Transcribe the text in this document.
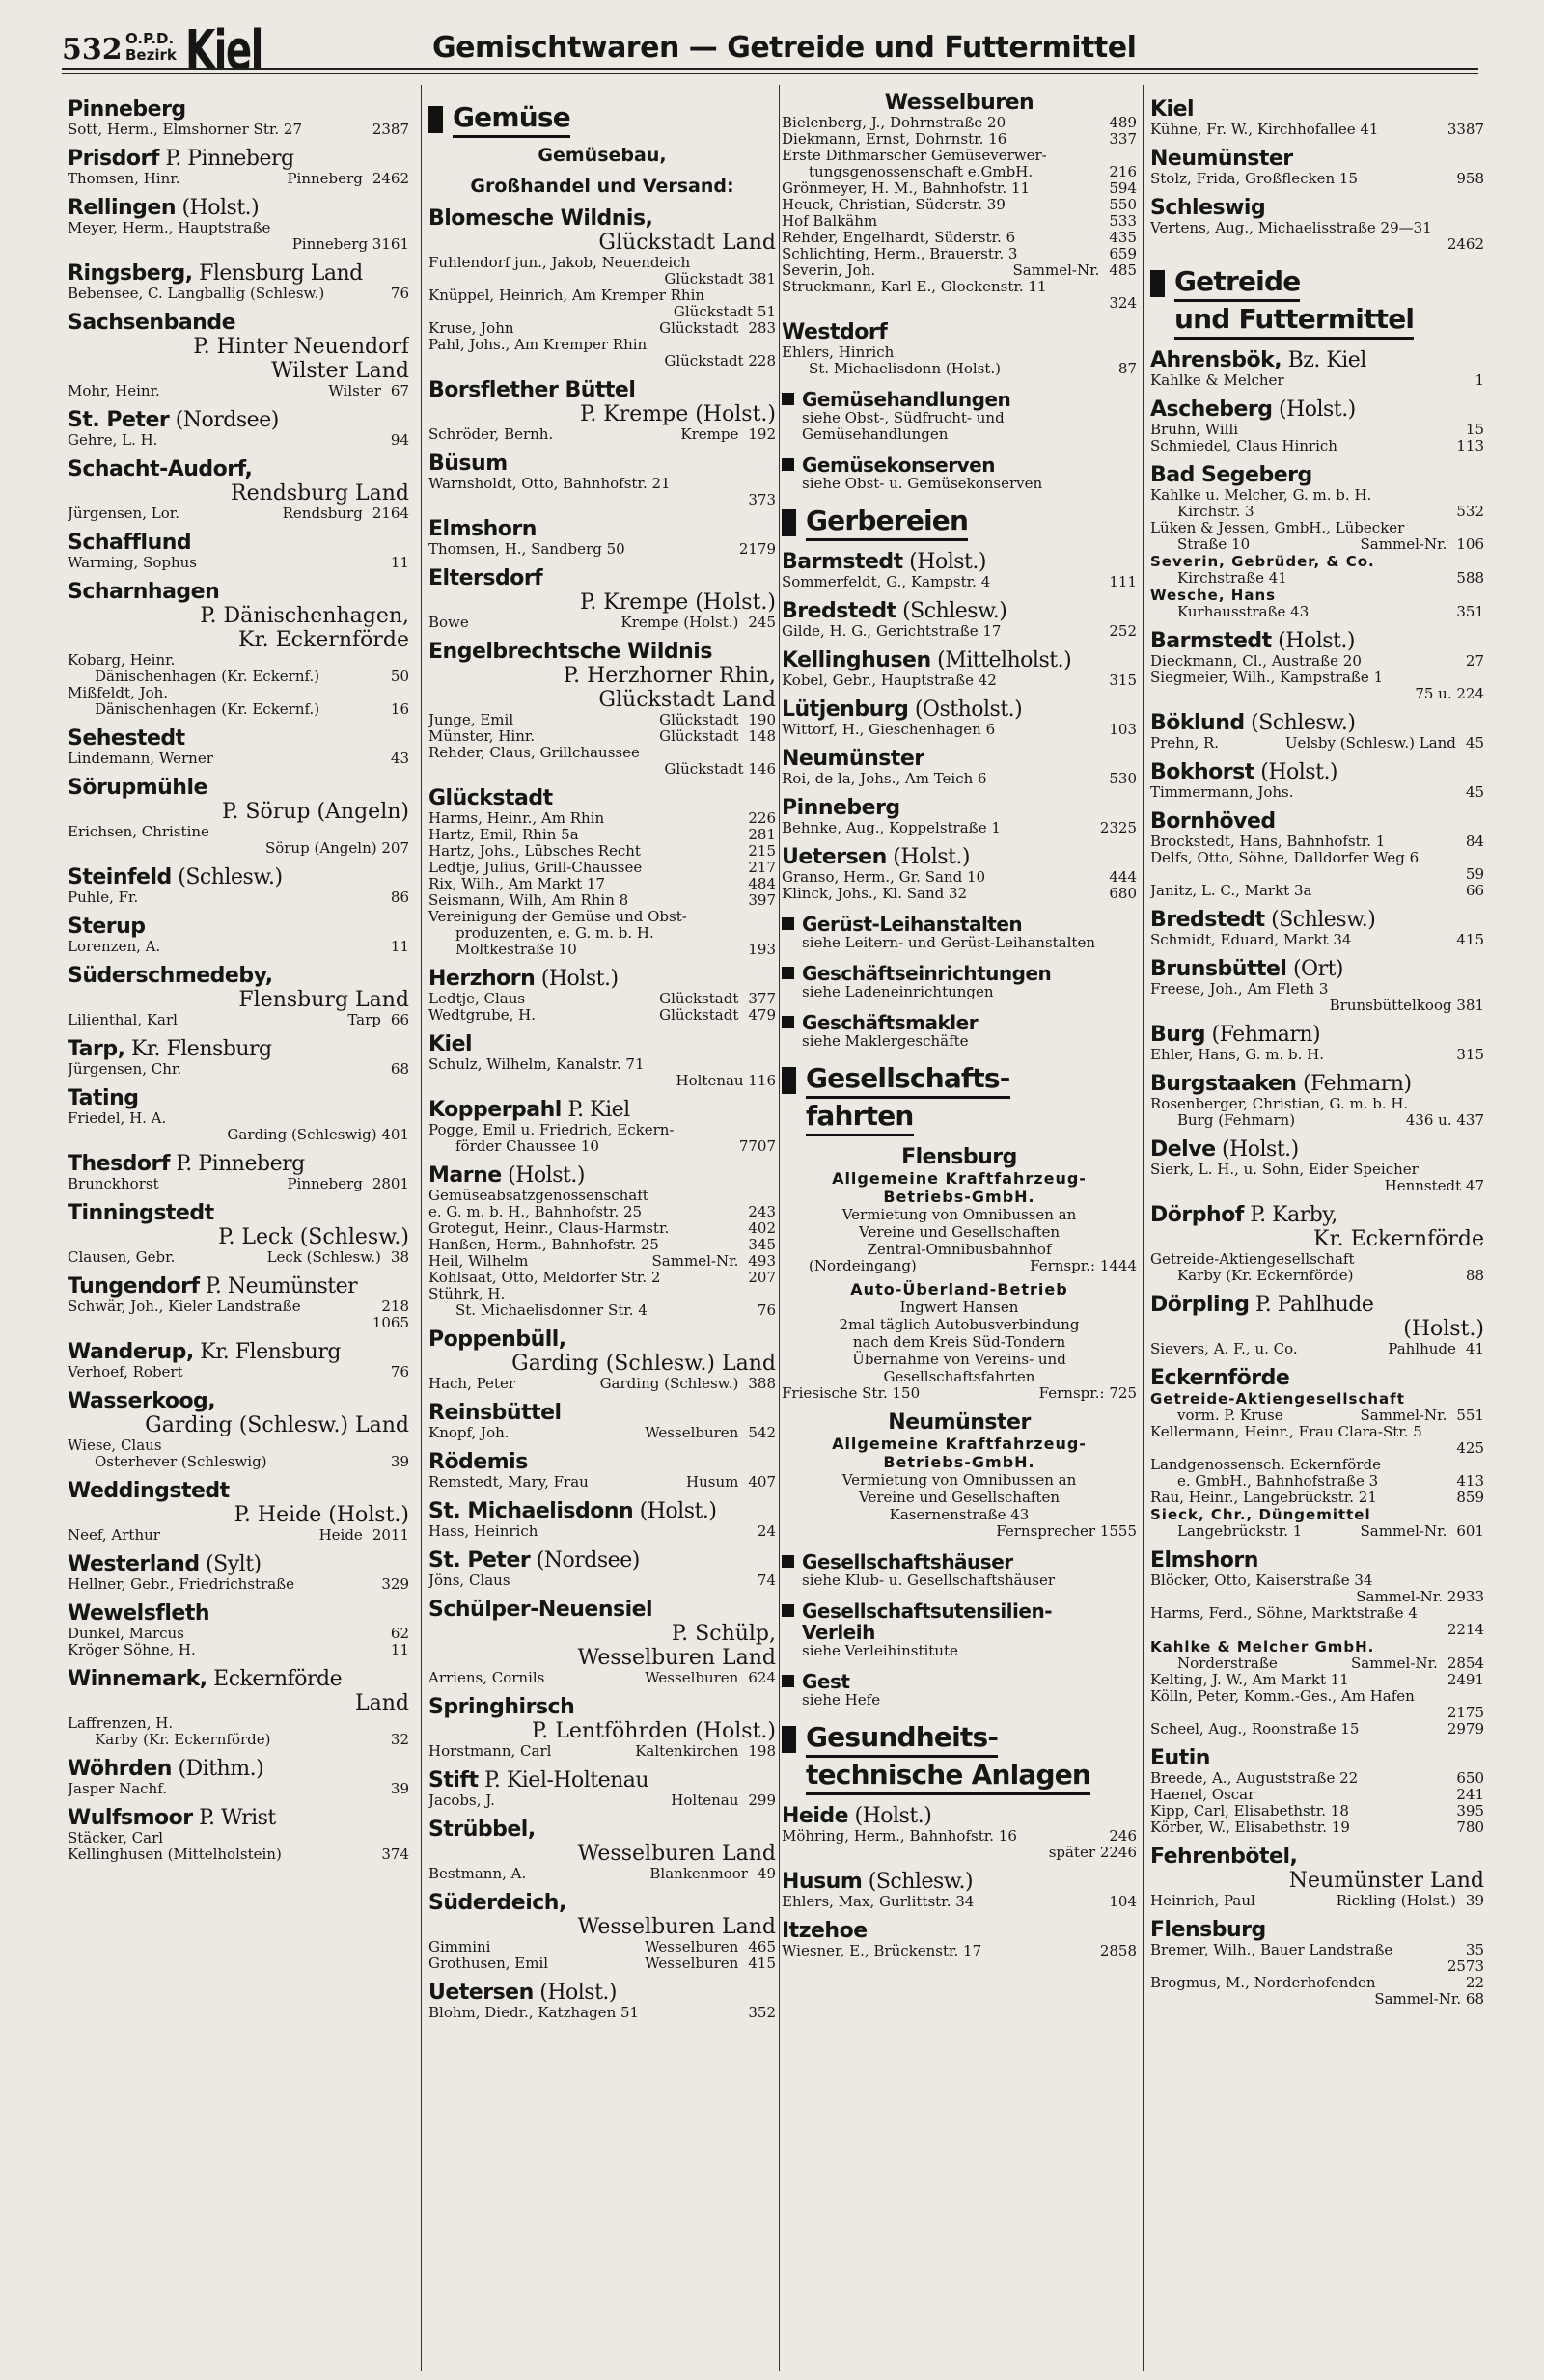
532 O.P.D.
Bezirk Kiel	Gemischtwaren — Getreide und Futtermittel
Pinneberg
Sott, Herm., Elmshorner Str. 27	2387
Prisdorf P. Pinneberg
Thomsen, Hinr.	Pinneberg 2462
Rellingen (Holst.)
Meyer, Herm., Hauptstraße
Pinneberg 3161
Ringsberg, Flensburg Land
Bebensee, C. Langballig (Schlesw.)	76
Sachsenbande
P. Hinter Neuendorf
Wilster Land
Mohr, Heinr.	Wilster 67
St. Peter (Nordsee)
Gehre, L. H.	94
Schacht-Audorf,
Rendsburg Land
Jürgensen, Lor.	Rendsburg 2164
Schafflund
Warming, Sophus	11
Scharnhagen
P. Dänischenhagen,
Kr. Eckernförde
Kobarg, Heinr.
Dänischenhagen (Kr. Eckernf.)	50
Mißfeldt, Joh.
Dänischenhagen (Kr. Eckernf.)	16
Sehestedt
Lindemann, Werner	43
Sörupmühle
P. Sörup (Angeln)
Erichsen, Christine
Sörup (Angeln) 207
Steinfeld (Schlesw.)
Puhle, Fr.	86
Sterup
Lorenzen, A.	11
Süderschmedeby,
Flensburg Land
Lilienthal, Karl	Tarp 66
Tarp, Kr. Flensburg
Jürgensen, Chr.	68
Tating
Friedel, H. A.
Garding (Schleswig) 401
Thesdorf P. Pinneberg
Brunckhorst	Pinneberg 2801
Tinningstedt
P. Leck (Schlesw.)
Clausen, Gebr.	Leck (Schlesw.) 38
Tungendorf P. Neumünster
Schwär, Joh., Kieler Landstraße	218
1065
Wanderup, Kr. Flensburg
Verhoef, Robert	76
Wasserkoog,
Garding (Schlesw.) Land
Wiese, Claus
Osterhever (Schleswig)	39
Weddingstedt
P. Heide (Holst.)
Neef, Arthur	Heide 2011
Westerland (Sylt)
Hellner, Gebr., Friedrichstraße	329
Wewelsfleth
Dunkel, Marcus	62
Kröger Söhne, H.	11
Winnemark, Eckernförde
Land
Laffrenzen, H.
Karby (Kr. Eckernförde)	32
Wöhrden (Dithm.)
Jasper Nachf.	39
Wulfsmoor P. Wrist
Stäcker, Carl
Kellinghusen (Mittelholstein)	374
Gemüse
Gemüsebau,
Großhandel und Versand:
Blomesche Wildnis,
Glückstadt Land
Fuhlendorf jun., Jakob, Neuendeich
Glückstadt 381
Knüppel, Heinrich, Am Kremper Rhin
Glückstadt 51
Kruse, John	Glückstadt 283
Pahl, Johs., Am Kremper Rhin
Glückstadt 228
Borsflether Büttel
P. Krempe (Holst.)
Schröder, Bernh.	Krempe 192
Büsum
Warnsholdt, Otto, Bahnhofstr. 21
373
Elmshorn
Thomsen, H., Sandberg 50	2179
Eltersdorf
P. Krempe (Holst.)
Bowe	Krempe (Holst.) 245
Engelbrechtsche Wildnis
P. Herzhorner Rhin,
Glückstadt Land
Junge, Emil	Glückstadt 190
Münster, Hinr.	Glückstadt 148
Rehder, Claus, Grillchaussee
Glückstadt 146
Glückstadt
Harms, Heinr., Am Rhin	226
Hartz, Emil, Rhin 5a	281
Hartz, Johs., Lübsches Recht	215
Ledtje, Julius, Grill-Chaussee	217
Rix, Wilh., Am Markt 17	484
Seismann, Wilh, Am Rhin 8	397
Vereinigung der Gemüse und Obst-
produzenten, e. G. m. b. H.
Moltkestraße 10	193
Herzhorn (Holst.)
Ledtje, Claus	Glückstadt 377
Wedtgrube, H.	Glückstadt 479
Kiel
Schulz, Wilhelm, Kanalstr. 71
Holtenau 116
Kopperpahl P. Kiel
Pogge, Emil u. Friedrich, Eckern-
förder Chaussee 10	7707
Marne (Holst.)
Gemüseabsatzgenossenschaft
e. G. m. b. H., Bahnhofstr. 25	243
Grotegut, Heinr., Claus-Harmstr.	402
Hanßen, Herm., Bahnhofstr. 25	345
Heil, Wilhelm	Sammel-Nr. 493
Kohlsaat, Otto, Meldorfer Str. 2	207
Stührk, H.
St. Michaelisdonner Str. 4	76
Poppenbüll,
Garding (Schlesw.) Land
Hach, Peter	Garding (Schlesw.) 388
Reinsbüttel
Knopf, Joh.	Wesselburen 542
Rödemis
Remstedt, Mary, Frau	Husum 407
St. Michaelisdonn (Holst.)
Hass, Heinrich	24
St. Peter (Nordsee)
Jöns, Claus	74
Schülper-Neuensiel
P. Schülp,
Wesselburen Land
Arriens, Cornils	Wesselburen 624
Springhirsch
P. Lentföhrden (Holst.)
Horstmann, Carl	Kaltenkirchen 198
Stift P. Kiel-Holtenau
Jacobs, J.	Holtenau 299
Strübbel,
Wesselburen Land
Bestmann, A.	Blankenmoor 49
Süderdeich,
Wesselburen Land
Gimmini	Wesselburen 465
Grothusen, Emil	Wesselburen 415
Uetersen (Holst.)
Blohm, Diedr., Katzhagen 51	352
Wesselburen
Bielenberg, J., Dohrnstraße 20	489
Diekmann, Ernst, Dohrnstr. 16	337
Erste Dithmarscher Gemüseverwer-
tungsgenossenschaft e.GmbH.	216
Grönmeyer, H. M., Bahnhofstr. 11	594
Heuck, Christian, Süderstr. 39	550
Hof Balkähm	533
Rehder, Engelhardt, Süderstr. 6	435
Schlichting, Herm., Brauerstr. 3	659
Severin, Joh.	Sammel-Nr. 485
Struckmann, Karl E., Glockenstr. 11
324
Westdorf
Ehlers, Hinrich
St. Michaelisdonn (Holst.)	87
Gemüsehandlungen
siehe Obst-, Südfrucht- und Gemüsehandlungen
Gemüsekonserven
siehe Obst- u. Gemüsekonserven
Gerbereien
Barmstedt (Holst.)
Sommerfeldt, G., Kampstr. 4	111
Bredstedt (Schlesw.)
Gilde, H. G., Gerichtstraße 17	252
Kellinghusen (Mittelholst.)
Kobel, Gebr., Hauptstraße 42	315
Lütjenburg (Ostholst.)
Wittorf, H., Gieschenhagen 6	103
Neumünster
Roi, de la, Johs., Am Teich 6	530
Pinneberg
Behnke, Aug., Koppelstraße 1	2325
Uetersen (Holst.)
Granso, Herm., Gr. Sand 10	444
Klinck, Johs., Kl. Sand 32	680
Gerüst-Leihanstalten
siehe Leitern- und Gerüst-Leihanstalten
Geschäftseinrichtungen
siehe Ladeneinrichtungen
Geschäftsmakler
siehe Maklergeschäfte
Gesellschafts-
fahrten
Flensburg
Allgemeine Kraftfahrzeug-
Betriebs-GmbH.
Vermietung von Omnibussen an
Vereine und Gesellschaften
Zentral-Omnibusbahnhof
(Nordeingang)	Fernspr.: 1444
Auto-Überland-Betrieb
Ingwert Hansen
2mal täglich Autobusverbindung
nach dem Kreis Süd-Tondern
Übernahme von Vereins- und
Gesellschaftsfahrten
Friesische Str. 150	Fernspr.: 725
Neumünster
Allgemeine Kraftfahrzeug-
Betriebs-GmbH.
Vermietung von Omnibussen an
Vereine und Gesellschaften
Kasernenstraße 43
Fernsprecher 1555
Gesellschaftshäuser
siehe Klub- u. Gesellschaftshäuser
Gesellschaftsutensilien-
Verleih
siehe Verleihinstitute
Gest
siehe Hefe
Gesundheits-
technische Anlagen
Heide (Holst.)
Möhring, Herm., Bahnhofstr. 16	246
später 2246
Husum (Schlesw.)
Ehlers, Max, Gurlittstr. 34	104
Itzehoe
Wiesner, E., Brückenstr. 17	2858
Kiel
Kühne, Fr. W., Kirchhofallee 41	3387
Neumünster
Stolz, Frida, Großflecken 15	958
Schleswig
Vertens, Aug., Michaelisstraße 29—31
2462
Getreide
und Futtermittel
Ahrensbök, Bz. Kiel
Kahlke & Melcher	1
Ascheberg (Holst.)
Bruhn, Willi	15
Schmiedel, Claus Hinrich	113
Bad Segeberg
Kahlke u. Melcher, G. m. b. H.
Kirchstr. 3	532
Lüken & Jessen, GmbH., Lübecker
Straße 10	Sammel-Nr. 106
Severin, Gebrüder, & Co.
Kirchstraße 41	588
Wesche, Hans
Kurhausstraße 43	351
Barmstedt (Holst.)
Dieckmann, Cl., Austraße 20	27
Siegmeier, Wilh., Kampstraße 1
75 u. 224
Böklund (Schlesw.)
Prehn, R.	Uelsby (Schlesw.) Land 45
Bokhorst (Holst.)
Timmermann, Johs.	45
Bornhöved
Brockstedt, Hans, Bahnhofstr. 1	84
Delfs, Otto, Söhne, Dalldorfer Weg 6
59
Janitz, L. C., Markt 3a	66
Bredstedt (Schlesw.)
Schmidt, Eduard, Markt 34	415
Brunsbüttel (Ort)
Freese, Joh., Am Fleth 3
Brunsbüttelkoog 381
Burg (Fehmarn)
Ehler, Hans, G. m. b. H.	315
Burgstaaken (Fehmarn)
Rosenberger, Christian, G. m. b. H.
Burg (Fehmarn)	436 u. 437
Delve (Holst.)
Sierk, L. H., u. Sohn, Eider Speicher
Hennstedt 47
Dörphof P. Karby,
Kr. Eckernförde
Getreide-Aktiengesellschaft
Karby (Kr. Eckernförde)	88
Dörpling P. Pahlhude
(Holst.)
Sievers, A. F., u. Co.	Pahlhude 41
Eckernförde
Getreide-Aktiengesellschaft
vorm. P. Kruse	Sammel-Nr. 551
Kellermann, Heinr., Frau Clara-Str. 5
425
Landgenossensch. Eckernförde
e. GmbH., Bahnhofstraße 3	413
Rau, Heinr., Langebrückstr. 21	859
Sieck, Chr., Düngemittel
Langebrückstr. 1	Sammel-Nr. 601
Elmshorn
Blöcker, Otto, Kaiserstraße 34
Sammel-Nr. 2933
Harms, Ferd., Söhne, Marktstraße 4
2214
Kahlke & Melcher GmbH.
Norderstraße	Sammel-Nr. 2854
Kelting, J. W., Am Markt 11	2491
Kölln, Peter, Komm.-Ges., Am Hafen
2175
Scheel, Aug., Roonstraße 15	2979
Eutin
Breede, A., Auguststraße 22	650
Haenel, Oscar	241
Kipp, Carl, Elisabethstr. 18	395
Körber, W., Elisabethstr. 19	780
Fehrenbötel,
Neumünster Land
Heinrich, Paul	Rickling (Holst.) 39
Flensburg
Bremer, Wilh., Bauer Landstraße	35
2573
Brogmus, M., Norderhofenden	22
Sammel-Nr. 68
